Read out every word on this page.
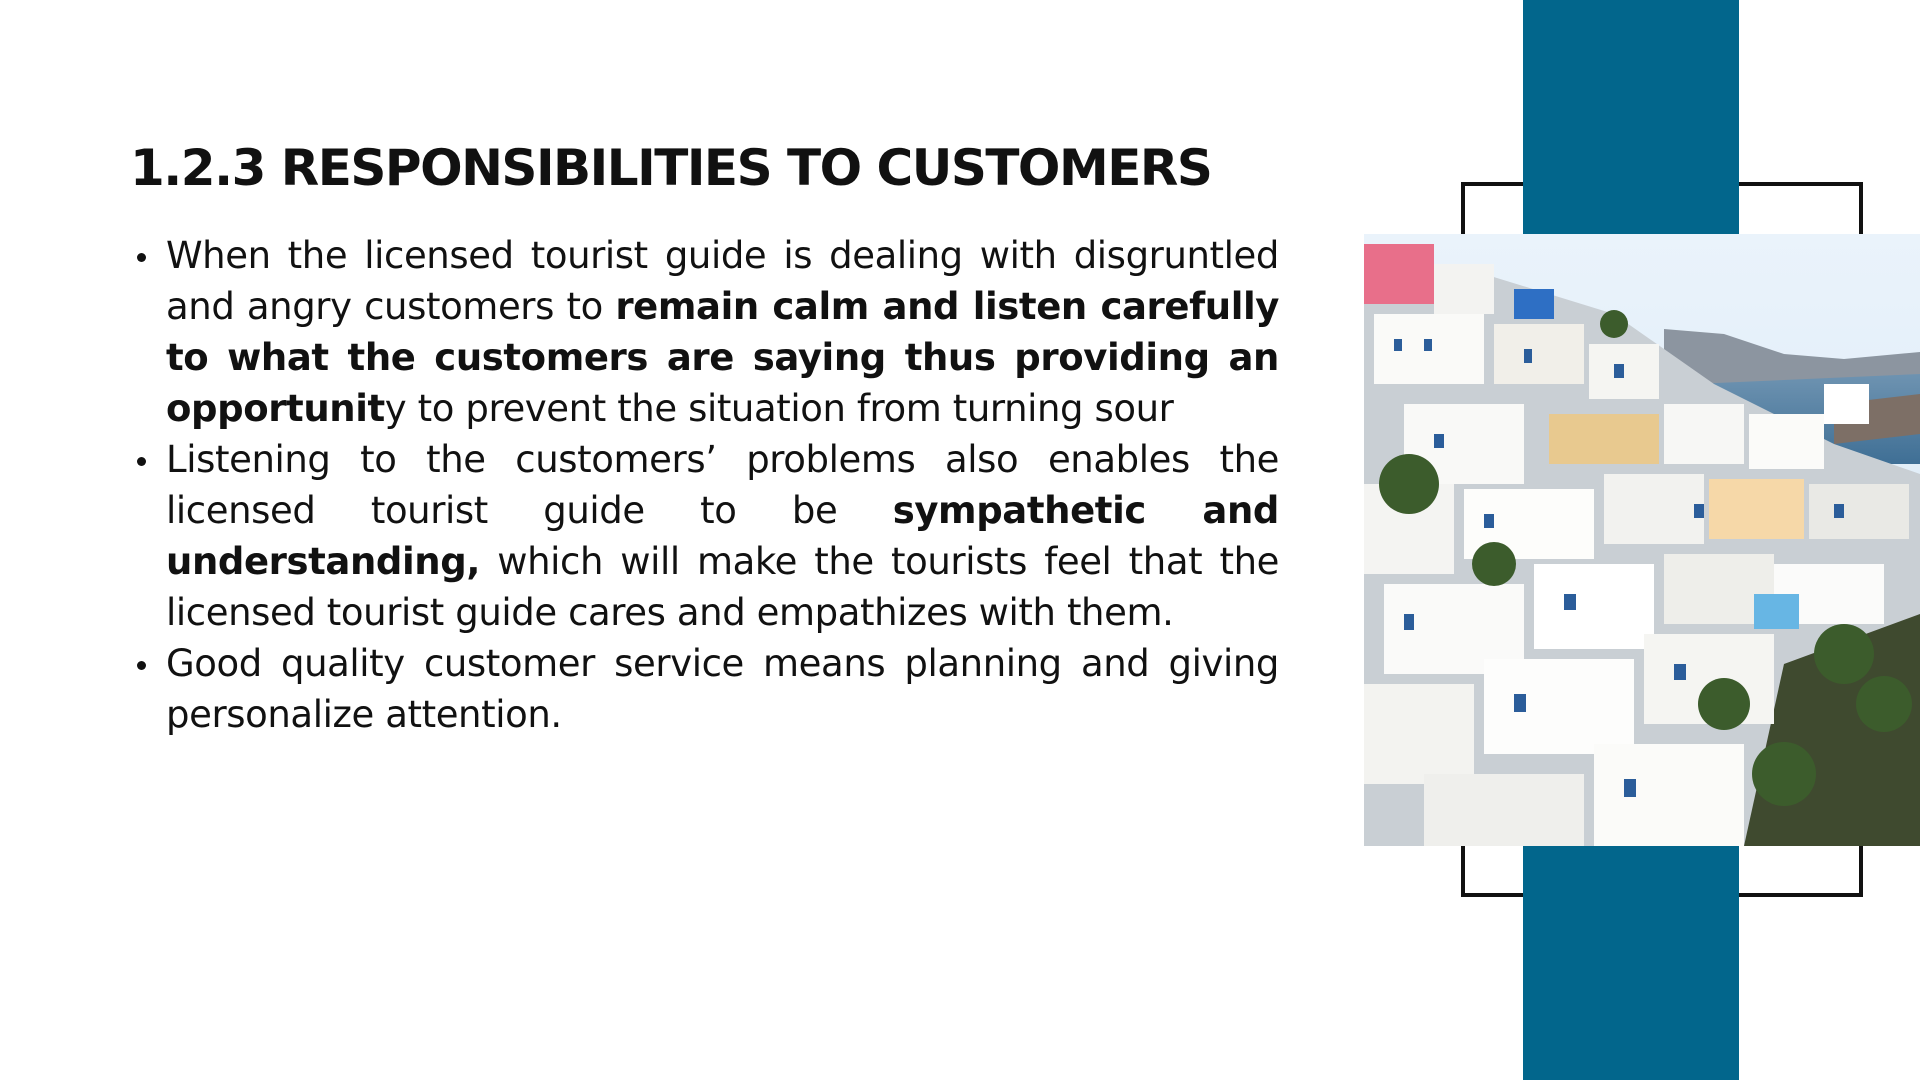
1.2.3 RESPONSIBILITIES TO CUSTOMERS
When the licensed tourist guide is dealing with disgruntled and angry customers to remain calm and listen carefully to what the customers are saying thus providing an opportunity to prevent the situation from turning sour
Listening to the customers’ problems also enables the licensed tourist guide to be sympathetic and understanding, which will make the tourists feel that the licensed tourist guide cares and empathizes with them.
Good quality customer service means planning and giving personalize attention.
